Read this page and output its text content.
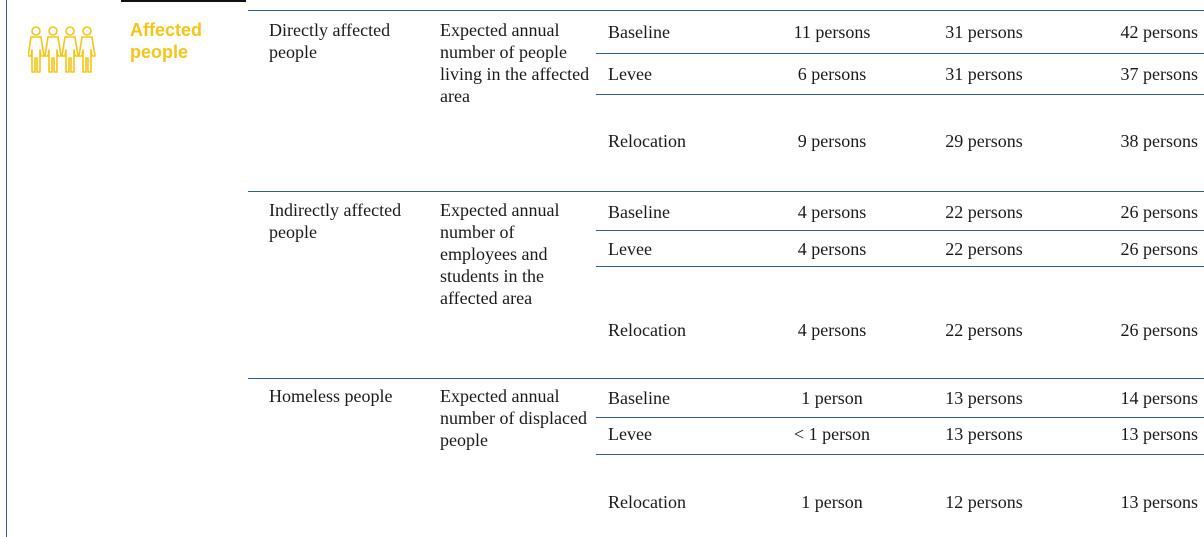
Affected people
Directly affected people
Expected annual number of people living in the affected area
Baseline	11 persons	31 persons	42 persons
Levee	6 persons	31 persons	37 persons
Relocation	9 persons	29 persons	38 persons
Indirectly affected people
Expected annual number of employees and students in the affected area
Baseline	4 persons	22 persons	26 persons
Levee	4 persons	22 persons	26 persons
Relocation	4 persons	22 persons	26 persons
Homeless people	Expected annual number of displaced people
Baseline	1 person	13 persons	14 persons
Levee	< 1 person	13 persons	13 persons
Relocation	1 person	12 persons	13 persons
